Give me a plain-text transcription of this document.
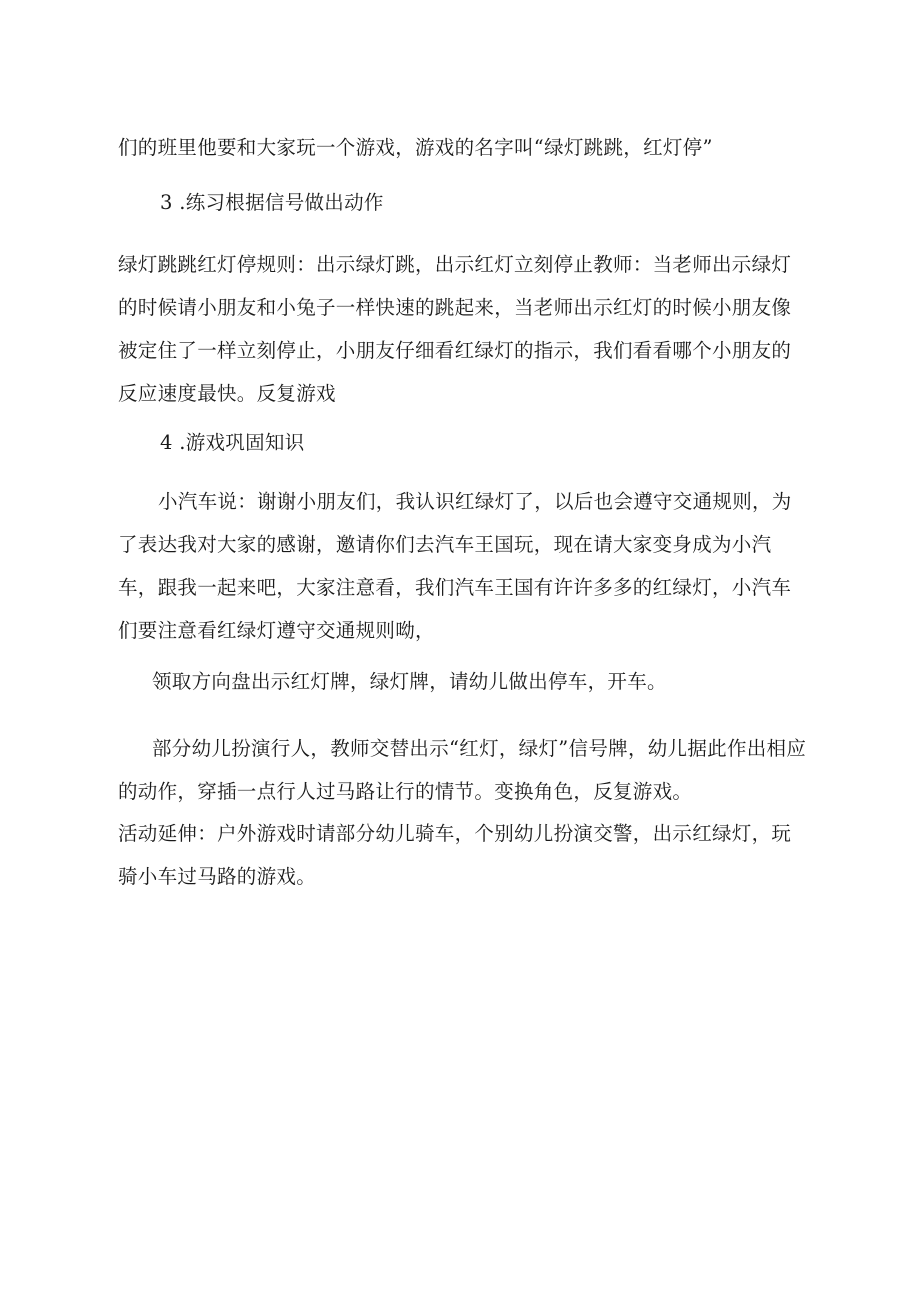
们的班里他要和大家玩一个游戏，游戏的名字叫“绿灯跳跳，红灯停”

3 .练习根据信号做出动作

绿灯跳跳红灯停规则：出示绿灯跳，出示红灯立刻停止教师：当老师出示绿灯的时候请小朋友和小兔子一样快速的跳起来，当老师出示红灯的时候小朋友像被定住了一样立刻停止，小朋友仔细看红绿灯的指示，我们看看哪个小朋友的反应速度最快。反复游戏

4 .游戏巩固知识

小汽车说：谢谢小朋友们，我认识红绿灯了，以后也会遵守交通规则，为了表达我对大家的感谢，邀请你们去汽车王国玩，现在请大家变身成为小汽车，跟我一起来吧，大家注意看，我们汽车王国有许许多多的红绿灯，小汽车们要注意看红绿灯遵守交通规则呦，

领取方向盘出示红灯牌，绿灯牌，请幼儿做出停车，开车。

部分幼儿扮演行人，教师交替出示“红灯，绿灯”信号牌，幼儿据此作出相应的动作，穿插一点行人过马路让行的情节。变换角色，反复游戏。

活动延伸：户外游戏时请部分幼儿骑车，个别幼儿扮演交警，出示红绿灯，玩骑小车过马路的游戏。
